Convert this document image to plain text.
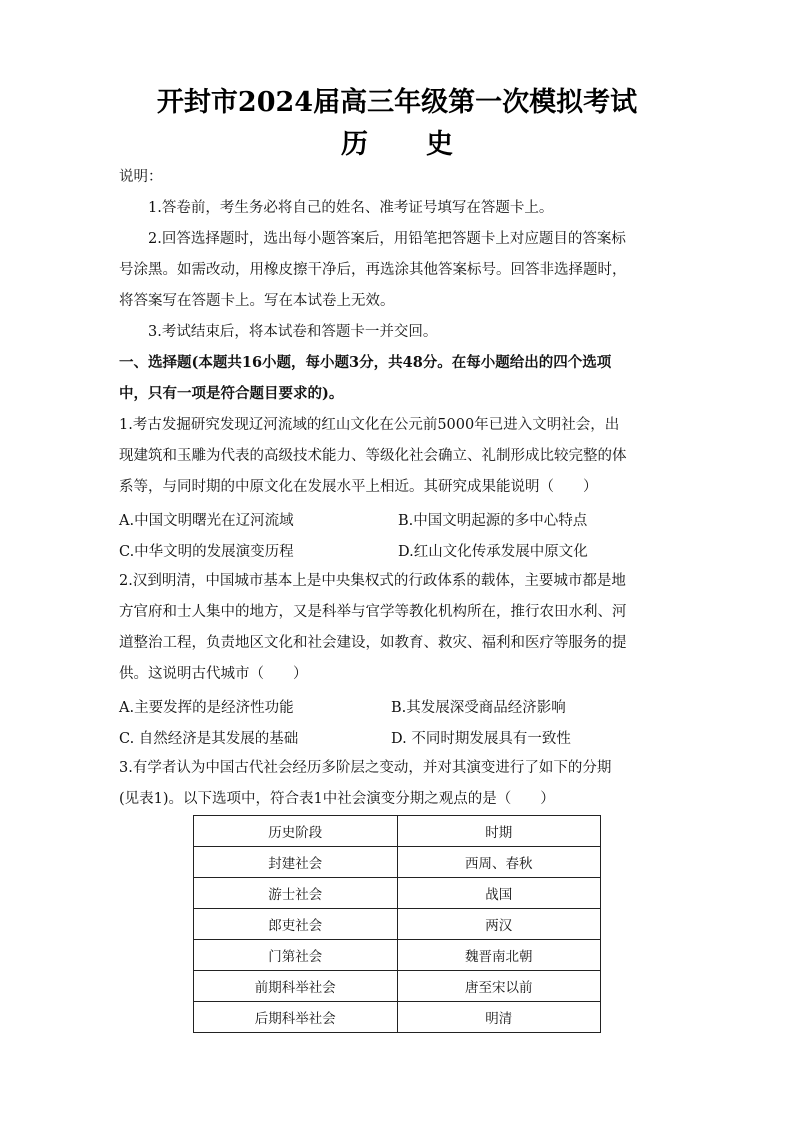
开封市2024届高三年级第一次模拟考试
历 史
说明：
1.答卷前，考生务必将自己的姓名、准考证号填写在答题卡上。
2.回答选择题时，选出每小题答案后，用铅笔把答题卡上对应题目的答案标
号涂黑。如需改动，用橡皮擦干净后，再选涂其他答案标号。回答非选择题时，
将答案写在答题卡上。写在本试卷上无效。
3.考试结束后，将本试卷和答题卡一并交回。
一、选择题(本题共16小题，每小题3分，共48分。在每小题给出的四个选项
中，只有一项是符合题目要求的)。
1.考古发掘研究发现辽河流域的红山文化在公元前5000年已进入文明社会，出
现建筑和玉雕为代表的高级技术能力、等级化社会确立、礼制形成比较完整的体
系等，与同时期的中原文化在发展水平上相近。其研究成果能说明（　　）
A.中国文明曙光在辽河流域	B.中国文明起源的多中心特点
C.中华文明的发展演变历程	D.红山文化传承发展中原文化
2.汉到明清，中国城市基本上是中央集权式的行政体系的载体，主要城市都是地
方官府和士人集中的地方，又是科举与官学等教化机构所在，推行农田水利、河
道整治工程，负责地区文化和社会建设，如教育、救灾、福利和医疗等服务的提
供。这说明古代城市（　　）
A.主要发挥的是经济性功能	B.其发展深受商品经济影响
C. 自然经济是其发展的基础	D. 不同时期发展具有一致性
3.有学者认为中国古代社会经历多阶层之变动，并对其演变进行了如下的分期
(见表1)。以下选项中，符合表1中社会演变分期之观点的是（　　）
历史阶段	时期
封建社会	西周、春秋
游士社会	战国
郎吏社会	两汉
门第社会	魏晋南北朝
前期科举社会	唐至宋以前
后期科举社会	明清
